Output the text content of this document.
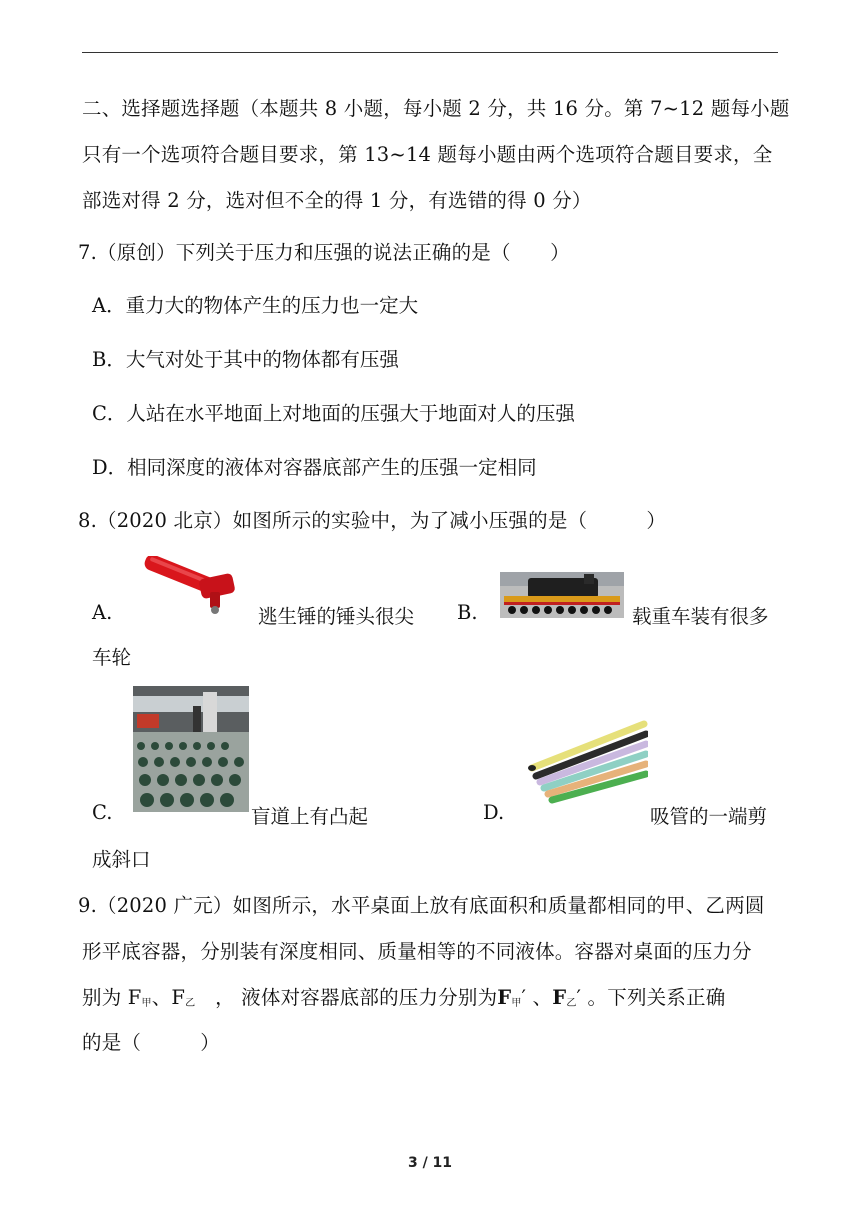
二、选择题选择题（本题共 8 小题，每小题 2 分，共 16 分。第 7~12 题每小题
只有一个选项符合题目要求，第 13~14 题每小题由两个选项符合题目要求，全
部选对得 2 分，选对但不全的得 1 分，有选错的得 0 分）
7.（原创）下列关于压力和压强的说法正确的是（　　）
A．重力大的物体产生的压力也一定大
B．大气对处于其中的物体都有压强
C．人站在水平地面上对地面的压强大于地面对人的压强
D．相同深度的液体对容器底部产生的压强一定相同
8.（2020 北京）如图所示的实验中，为了减小压强的是（　　　）
A.	逃生锤的锤头很尖 B.	载重车装有很多
车轮
C.	盲道上有凸起	D.	吸管的一端剪
成斜口
9.（2020 广元）如图所示，水平桌面上放有底面积和质量都相同的甲、乙两圆
形平底容器，分别装有深度相同、质量相等的不同液体。容器对桌面的压力分
别为 $F_甲$、$F_乙$　， 液体对容器底部的压力分别为$F_甲'$ 、$F_乙'$ 。下列关系正确
的是（　　　）
3 / 11
